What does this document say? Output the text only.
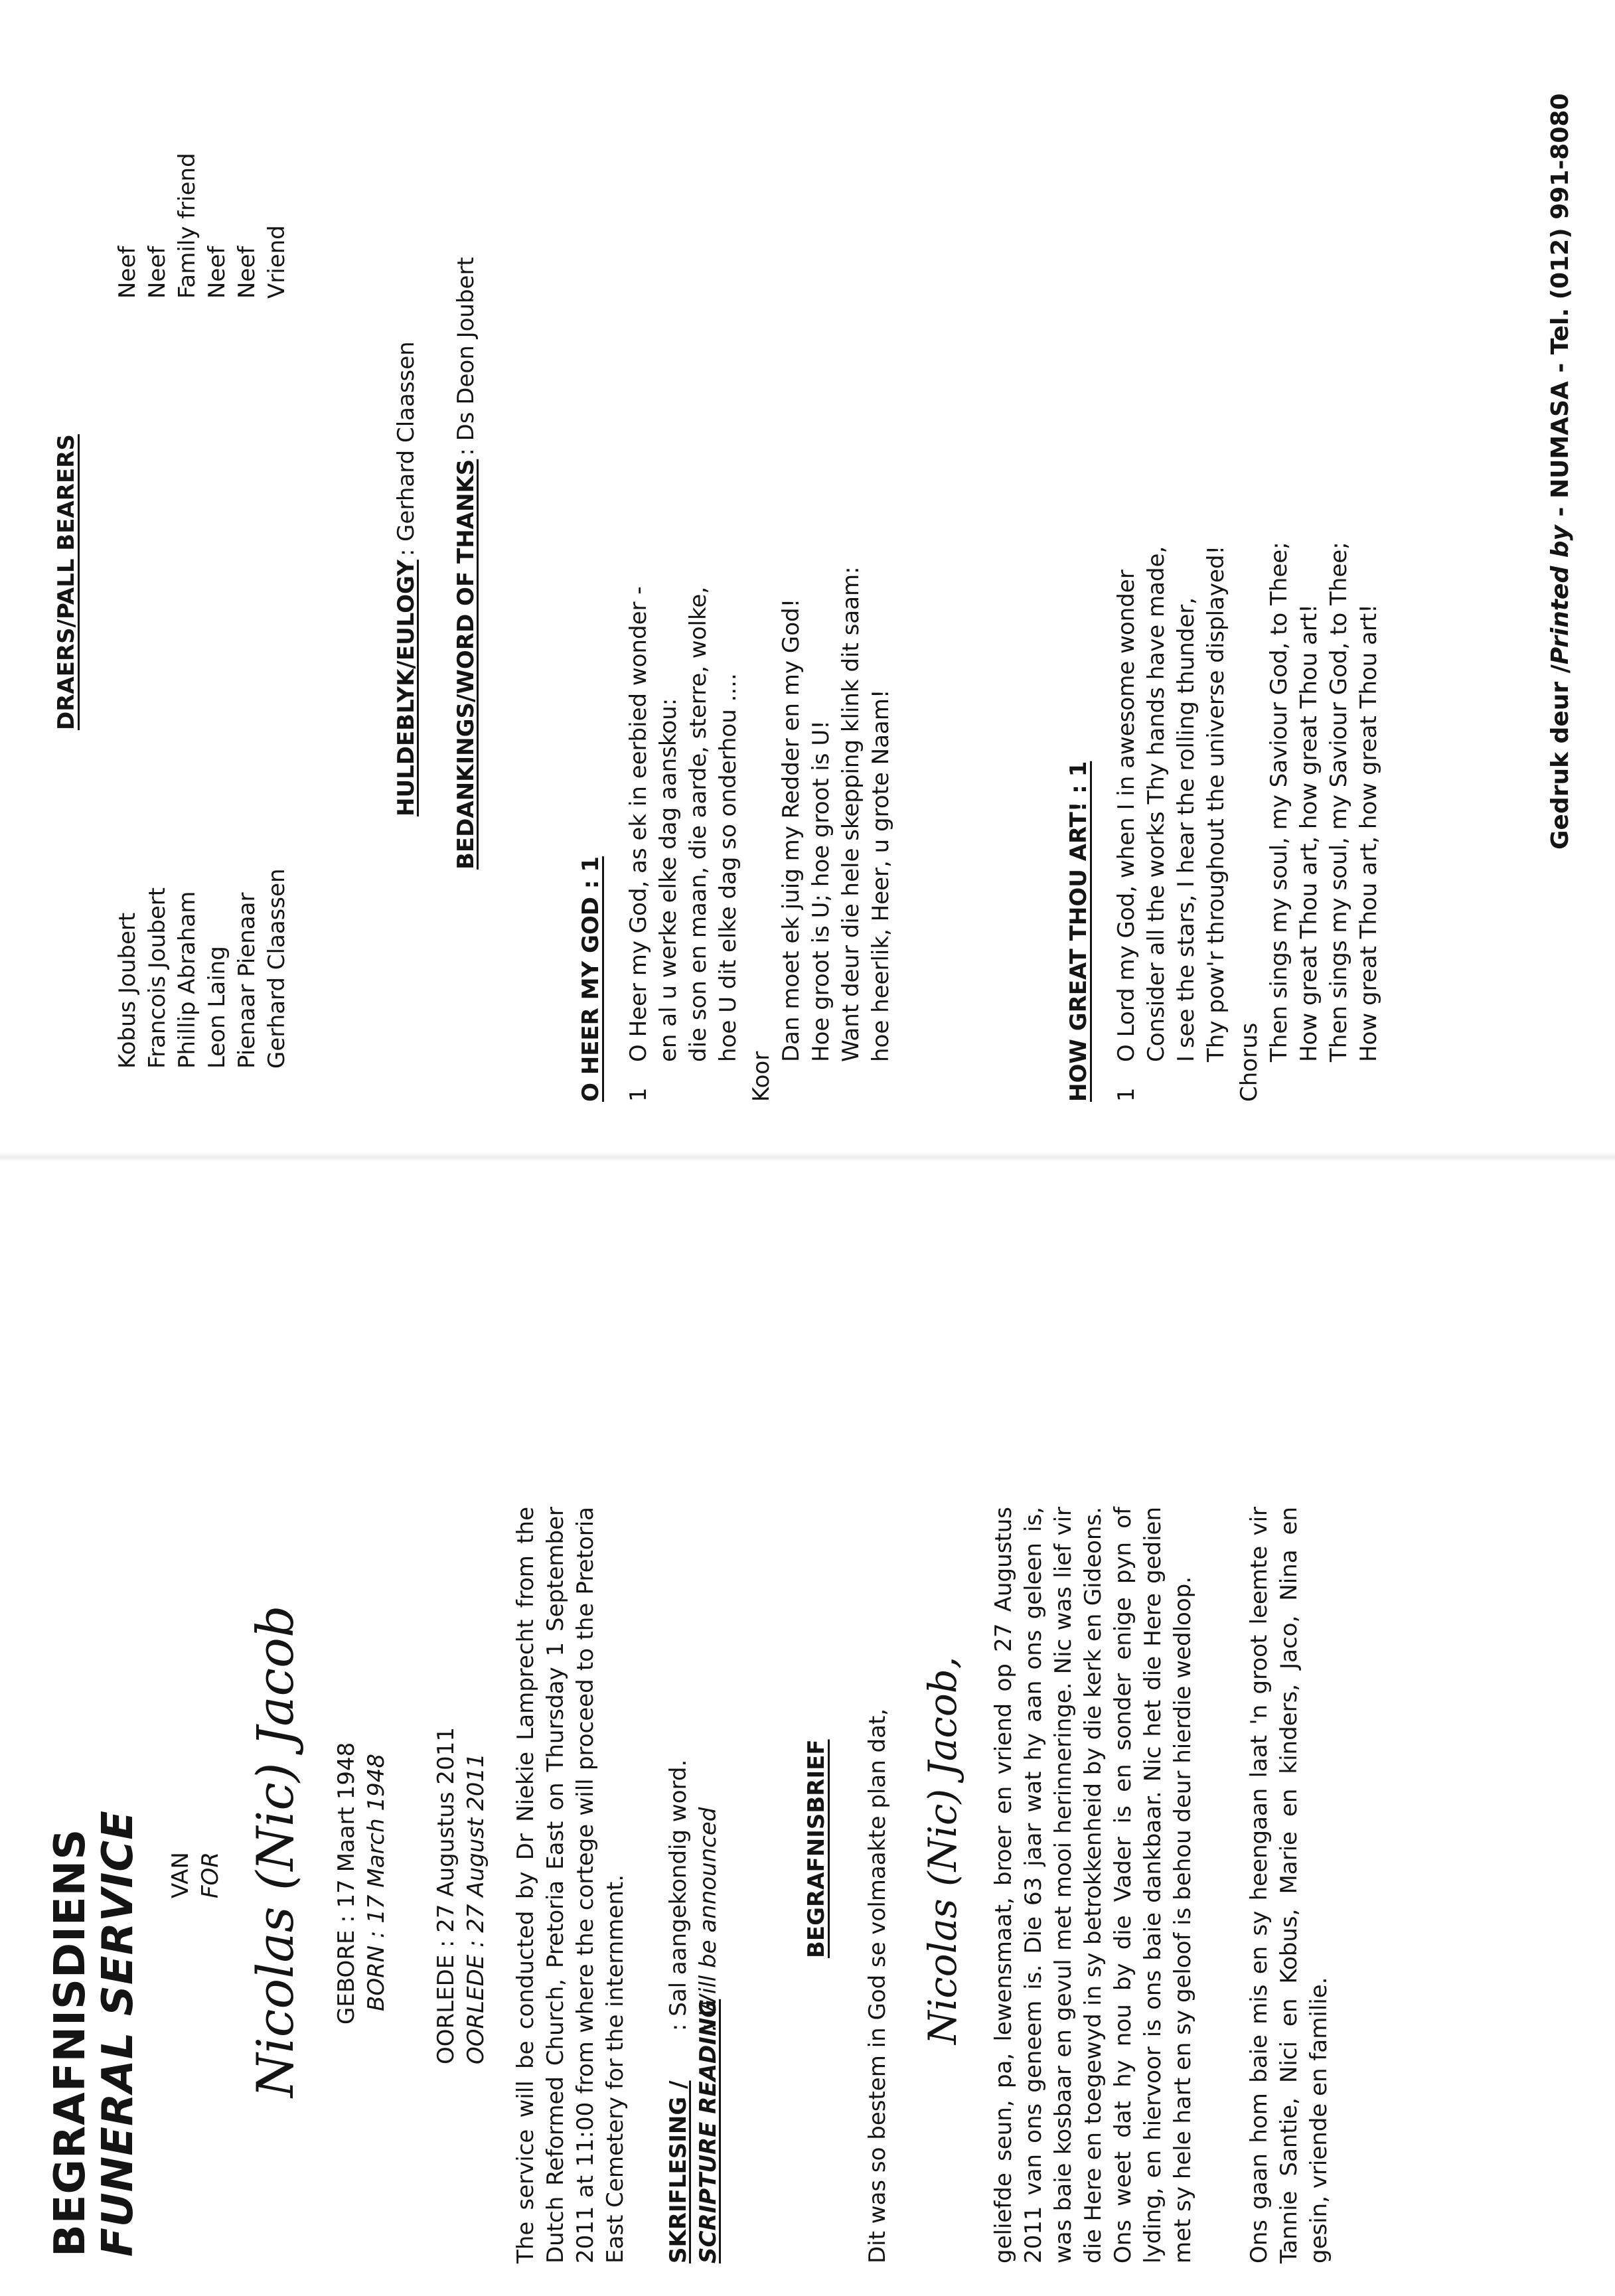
BEGRAFNISDIENS
FUNERAL SERVICE VAN FOR Nicolas (Nic) Jacob GEBORE : 17 Maart 1948 BORN : 17 March 1948 OORLEDE : 27 Augustus 2011 OORLEDE : 27 August 2011 The service will be conducted by Dr Niekie Lamprecht from the Dutch Reformed Church, Pretoria East on Thursday 1 September 2011 at 11:00 from where the cortege will proceed to the Pretoria East Cemetery for the internment. SKRIFLESING / SCRIPTURE READING
: Sal aangekondig word. : Will be announced	BEGRAFNISBRIEF Dit was so bestem in God se volmaakte plan dat, Nicolas (Nic) Jacob, geliefde seun, pa, lewensmaat, broer en vriend op 27 Augustus 2011 van ons geneem is. Die 63 jaar wat hy aan ons geleen is, was baie kosbaar en gevul met mooi herinneringe. Nic was lief vir die Here en toegewyd in sy betrokkenheid by die kerk en Gideons. Ons weet dat hy nou by die Vader is en sonder enige pyn of lyding, en hiervoor is ons baie dankbaar. Nic het die Here gedien met sy hele hart en sy geloof is behou deur hierdie wedloop. Ons gaan hom baie mis en sy heengaan laat 'n groot leemte vir Tannie Santie, Nici en Kobus, Marie en kinders, Jaco, Nina en gesin, vriende en familie.
DRAERS/PALL BEARERS
Kobus Joubert
Neef
Francois Joubert
Neef
Phillip Abraham
Family friend
Leon Laing
Neef
Pienaar Pienaar
Neef
Gerhard Claassen
Vriend
HULDEBLYK/EULOGY : Gerhard Claassen
BEDANKINGS/WORD OF THANKS : Ds Deon Joubert
O HEER MY GOD : 1 1
O Heer my God, as ek in eerbied wonder - en al u werke elke dag aanskou: die son en maan, die aarde, sterre, wolke, hoe U dit elke dag so onderhou ....
Koor
Dan moet ek juig my Redder en my God! Hoe groot is U; hoe groot is U! Want deur die hele skepping klink dit saam: hoe heerlik, Heer, u grote Naam!	HOW GREAT THOU ART! : 1 1
O Lord my God, when I in awesome wonder Consider all the works Thy hands have made, I see the stars, I hear the rolling thunder, Thy pow'r throughout the universe displayed!
Chorus
Then sings my soul, my Saviour God, to Thee; How great Thou art, how great Thou art! Then sings my soul, my Saviour God, to Thee; How great Thou art, how great Thou art!	Gedruk deur /Printed by - NUMASA - Tel. (012) 991-8080
